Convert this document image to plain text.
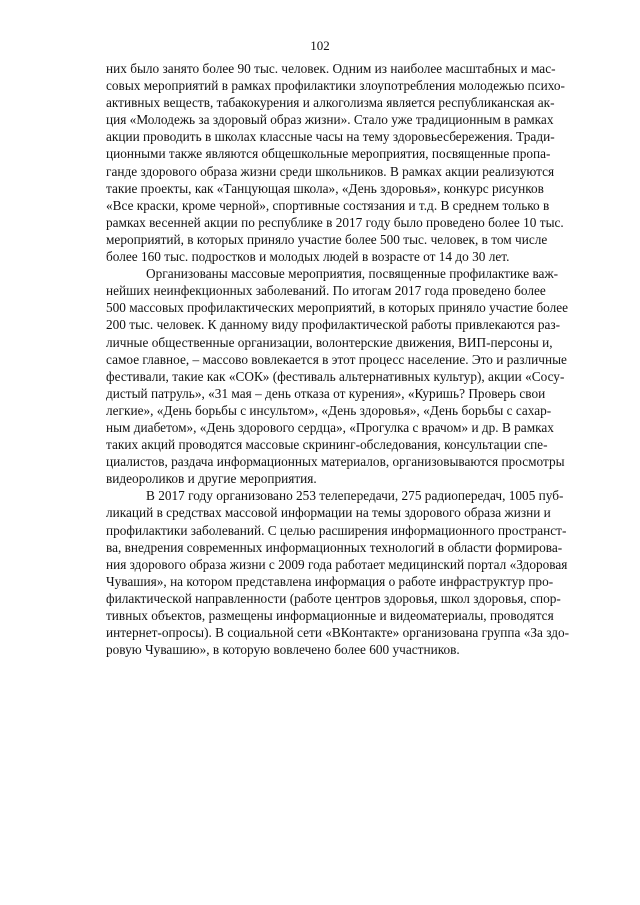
102
них было занято более 90 тыс. человек. Одним из наиболее масштабных и мас-
совых мероприятий в рамках профилактики злоупотребления молодежью психо-
активных веществ, табакокурения и алкоголизма является республиканская ак-
ция «Молодежь за здоровый образ жизни». Стало уже традиционным в рамках
акции проводить в школах классные часы на тему здоровьесбережения. Тради-
ционными также являются общешкольные мероприятия, посвященные пропа-
ганде здорового образа жизни среди школьников. В рамках акции реализуются
такие проекты, как «Танцующая школа», «День здоровья», конкурс рисунков
«Все краски, кроме черной», спортивные состязания и т.д. В среднем только в
рамках весенней акции по республике в 2017 году было проведено более 10 тыс.
мероприятий, в которых приняло участие более 500 тыс. человек, в том числе
более 160 тыс. подростков и молодых людей в возрасте от 14 до 30 лет.
Организованы массовые мероприятия, посвященные профилактике важ-
нейших неинфекционных заболеваний. По итогам 2017 года проведено более
500 массовых профилактических мероприятий, в которых приняло участие более
200 тыс. человек. К данному виду профилактической работы привлекаются раз-
личные общественные организации, волонтерские движения, ВИП-персоны и,
самое главное, – массово вовлекается в этот процесс население. Это и различные
фестивали, такие как «СОК» (фестиваль альтернативных культур), акции «Сосу-
дистый патруль», «31 мая – день отказа от курения», «Куришь? Проверь свои
легкие», «День борьбы с инсультом», «День здоровья», «День борьбы с сахар-
ным диабетом», «День здорового сердца», «Прогулка с врачом» и др. В рамках
таких акций проводятся массовые скрининг-обследования, консультации спе-
циалистов, раздача информационных материалов, организовываются просмотры
видеороликов и другие мероприятия.
В 2017 году организовано 253 телепередачи, 275 радиопередач, 1005 пуб-
ликаций в средствах массовой информации на темы здорового образа жизни и
профилактики заболеваний. С целью расширения информационного пространст-
ва, внедрения современных информационных технологий в области формирова-
ния здорового образа жизни с 2009 года работает медицинский портал «Здоровая
Чувашия», на котором представлена информация о работе инфраструктур про-
филактической направленности (работе центров здоровья, школ здоровья, спор-
тивных объектов, размещены информационные и видеоматериалы, проводятся
интернет-опросы). В социальной сети «ВКонтакте» организована группа «За здо-
ровую Чувашию», в которую вовлечено более 600 участников.
